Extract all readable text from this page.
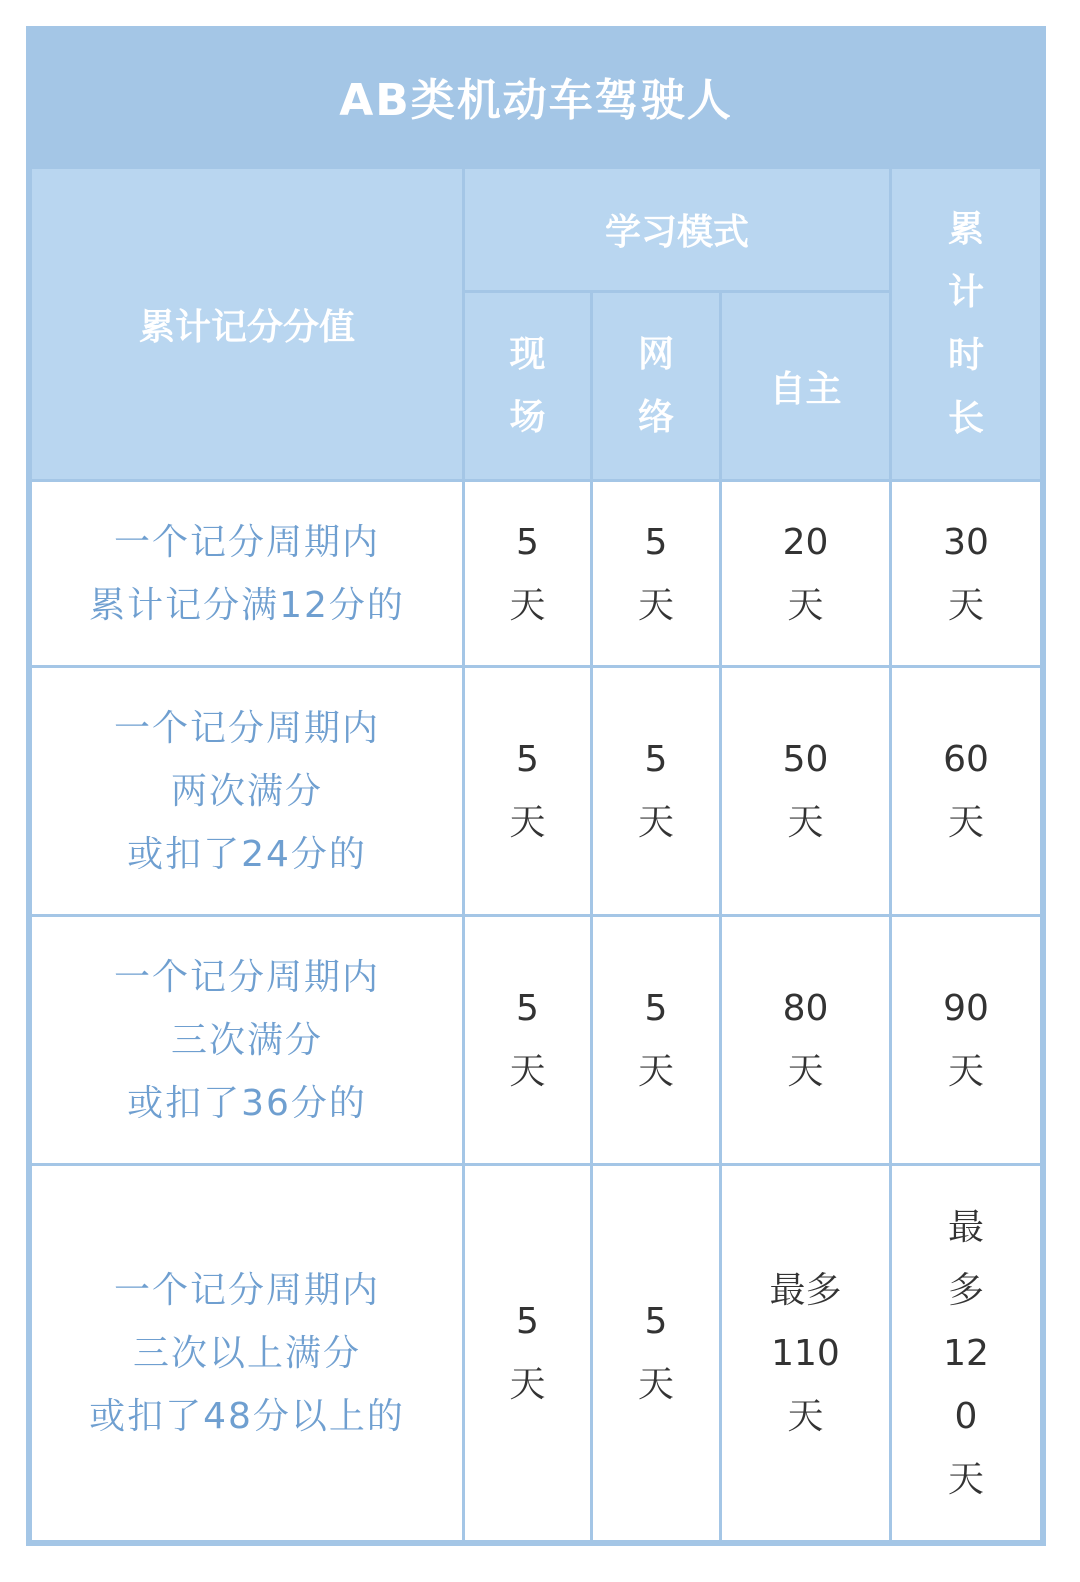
AB类机动车驾驶人
累计记分分值
学习模式
现
场
网
络
自主
累
计
时
长
一个记分周期内
累计记分满12分的
5
天
5
天
20
天
30
天
一个记分周期内
两次满分
或扣了24分的
5
天
5
天
50
天
60
天
一个记分周期内
三次满分
或扣了36分的
5
天
5
天
80
天
90
天
一个记分周期内
三次以上满分
或扣了48分以上的
5
天
5
天
最多
110
天
最
多
12
0
天
